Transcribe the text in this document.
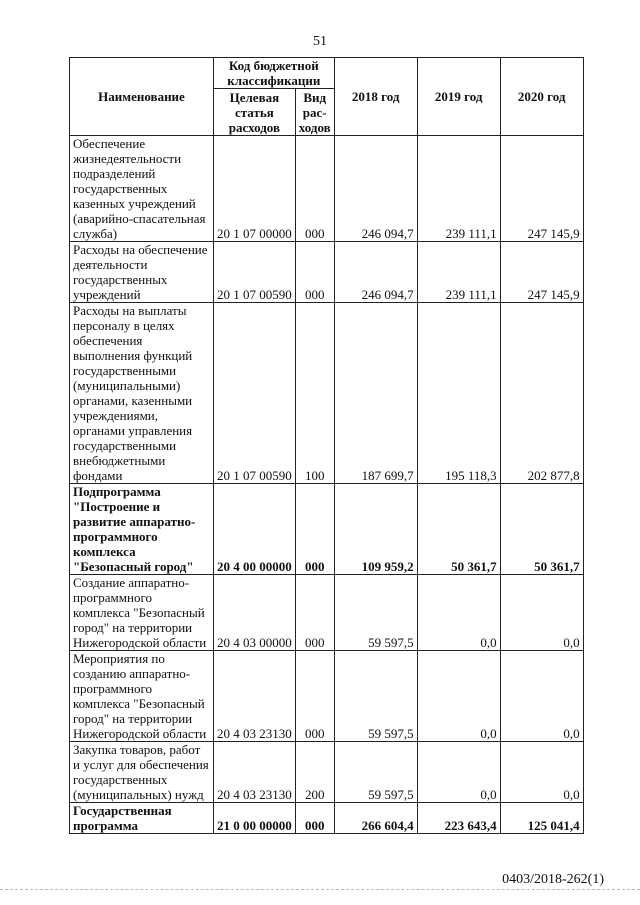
51
Наименование	Код бюджетной классификации		2018 год	2019 год	2020 год
	Целевая статья расходов	Вид рас-ходов			
Обеспечение жизнедеятельности подразделений государственных казенных учреждений (аварийно-спасательная служба)	20 1 07 00000	000	246 094,7	239 111,1	247 145,9
Расходы на обеспечение деятельности государственных учреждений	20 1 07 00590	000	246 094,7	239 111,1	247 145,9
Расходы на выплаты персоналу в целях обеспечения выполнения функций государственными (муниципальными) органами, казенными учреждениями, органами управления государственными внебюджетными фондами	20 1 07 00590	100	187 699,7	195 118,3	202 877,8
Подпрограмма "Построение и развитие аппаратно-программного комплекса "Безопасный город"	20 4 00 00000	000	109 959,2	50 361,7	50 361,7
Создание аппаратно-программного комплекса "Безопасный город" на территории Нижегородской области	20 4 03 00000	000	59 597,5	0,0	0,0
Мероприятия по созданию аппаратно-программного комплекса "Безопасный город" на территории Нижегородской области	20 4 03 23130	000	59 597,5	0,0	0,0
Закупка товаров, работ и услуг для обеспечения государственных (муниципальных) нужд	20 4 03 23130	200	59 597,5	0,0	0,0
Государственная программа	21 0 00 00000	000	266 604,4	223 643,4	125 041,4
0403/2018-262(1)
